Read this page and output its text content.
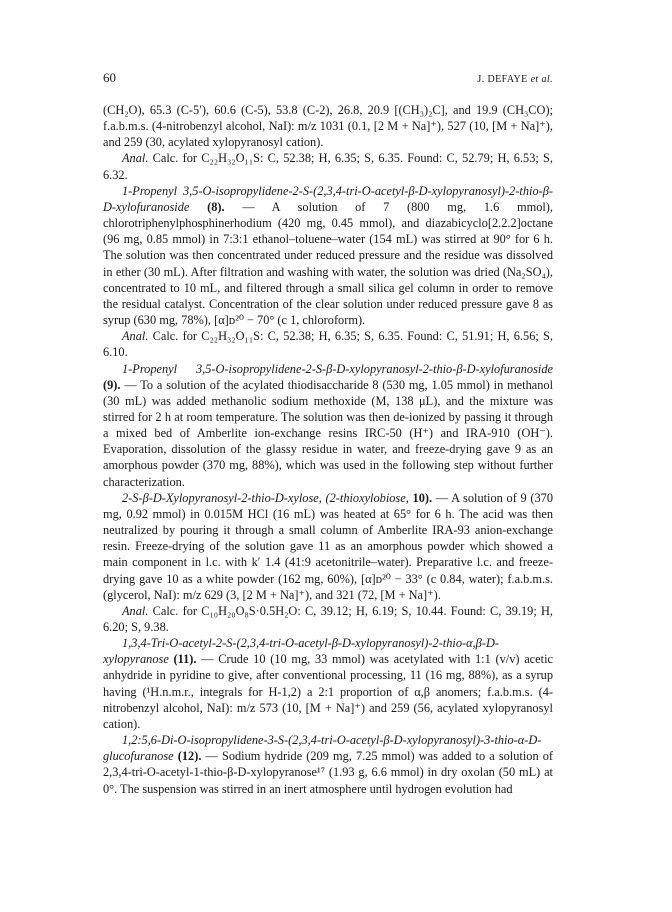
60	J. DEFAYE et al.

(CH₂O), 65.3 (C-5′), 60.6 (C-5), 53.8 (C-2), 26.8, 20.9 [(CH₃)₂C], and 19.9 (CH₃CO); f.a.b.m.s. (4-nitrobenzyl alcohol, NaI): m/z 1031 (0.1, [2 M + Na]⁺), 527 (10, [M + Na]⁺), and 259 (30, acylated xylopyranosyl cation).

Anal. Calc. for C₂₂H₃₂O₁₁S: C, 52.38; H, 6.35; S, 6.35. Found: C, 52.79; H, 6.53; S, 6.32.

1-Propenyl 3,5-O-isopropylidene-2-S-(2,3,4-tri-O-acetyl-β-D-xylopyranosyl)-2-thio-β-D-xylofuranoside (8). — A solution of 7 (800 mg, 1.6 mmol), chlorotriphenylphosphinerhodium (420 mg, 0.45 mmol), and diazabicyclo[2.2.2]octane (96 mg, 0.85 mmol) in 7:3:1 ethanol–toluene–water (154 mL) was stirred at 90° for 6 h. The solution was then concentrated under reduced pressure and the residue was dissolved in ether (30 mL). After filtration and washing with water, the solution was dried (Na₂SO₄), concentrated to 10 mL, and filtered through a small silica gel column in order to remove the residual catalyst. Concentration of the clear solution under reduced pressure gave 8 as syrup (630 mg, 78%), [α]ᴅ²⁰ − 70° (c 1, chloroform).

Anal. Calc. for C₂₂H₃₂O₁₁S: C, 52.38; H, 6.35; S, 6.35. Found: C, 51.91; H, 6.56; S, 6.10.

1-Propenyl 3,5-O-isopropylidene-2-S-β-D-xylopyranosyl-2-thio-β-D-xylofuranoside (9). — To a solution of the acylated thiodisaccharide 8 (530 mg, 1.05 mmol) in methanol (30 mL) was added methanolic sodium methoxide (M, 138 μL), and the mixture was stirred for 2 h at room temperature. The solution was then de-ionized by passing it through a mixed bed of Amberlite ion-exchange resins IRC-50 (H⁺) and IRA-910 (OH⁻). Evaporation, dissolution of the glassy residue in water, and freeze-drying gave 9 as an amorphous powder (370 mg, 88%), which was used in the following step without further characterization.

2-S-β-D-Xylopyranosyl-2-thio-D-xylose, (2-thioxylobiose, 10). — A solution of 9 (370 mg, 0.92 mmol) in 0.015M HCl (16 mL) was heated at 65° for 6 h. The acid was then neutralized by pouring it through a small column of Amberlite IRA-93 anion-exchange resin. Freeze-drying of the solution gave 11 as an amorphous powder which showed a main component in l.c. with k′ 1.4 (41:9 acetonitrile–water). Preparative l.c. and freeze-drying gave 10 as a white powder (162 mg, 60%), [α]ᴅ²⁰ − 33° (c 0.84, water); f.a.b.m.s. (glycerol, NaI): m/z 629 (3, [2 M + Na]⁺), and 321 (72, [M + Na]⁺).

Anal. Calc. for C₁₀H₂₀O₈S·0.5H₂O: C, 39.12; H, 6.19; S, 10.44. Found: C, 39.19; H, 6.20; S, 9.38.

1,3,4-Tri-O-acetyl-2-S-(2,3,4-tri-O-acetyl-β-D-xylopyranosyl)-2-thio-α,β-D-xylopyranose (11). — Crude 10 (10 mg, 33 mmol) was acetylated with 1:1 (v/v) acetic anhydride in pyridine to give, after conventional processing, 11 (16 mg, 88%), as a syrup having (¹H.n.m.r., integrals for H-1,2) a 2:1 proportion of α,β anomers; f.a.b.m.s. (4-nitrobenzyl alcohol, NaI): m/z 573 (10, [M + Na]⁺) and 259 (56, acylated xylopyranosyl cation).

1,2:5,6-Di-O-isopropylidene-3-S-(2,3,4-tri-O-acetyl-β-D-xylopyranosyl)-3-thio-α-D-glucofuranose (12). — Sodium hydride (209 mg, 7.25 mmol) was added to a solution of 2,3,4-tri-O-acetyl-1-thio-β-D-xylopyranose¹⁷ (1.93 g, 6.6 mmol) in dry oxolan (50 mL) at 0°. The suspension was stirred in an inert atmosphere until hydrogen evolution had
